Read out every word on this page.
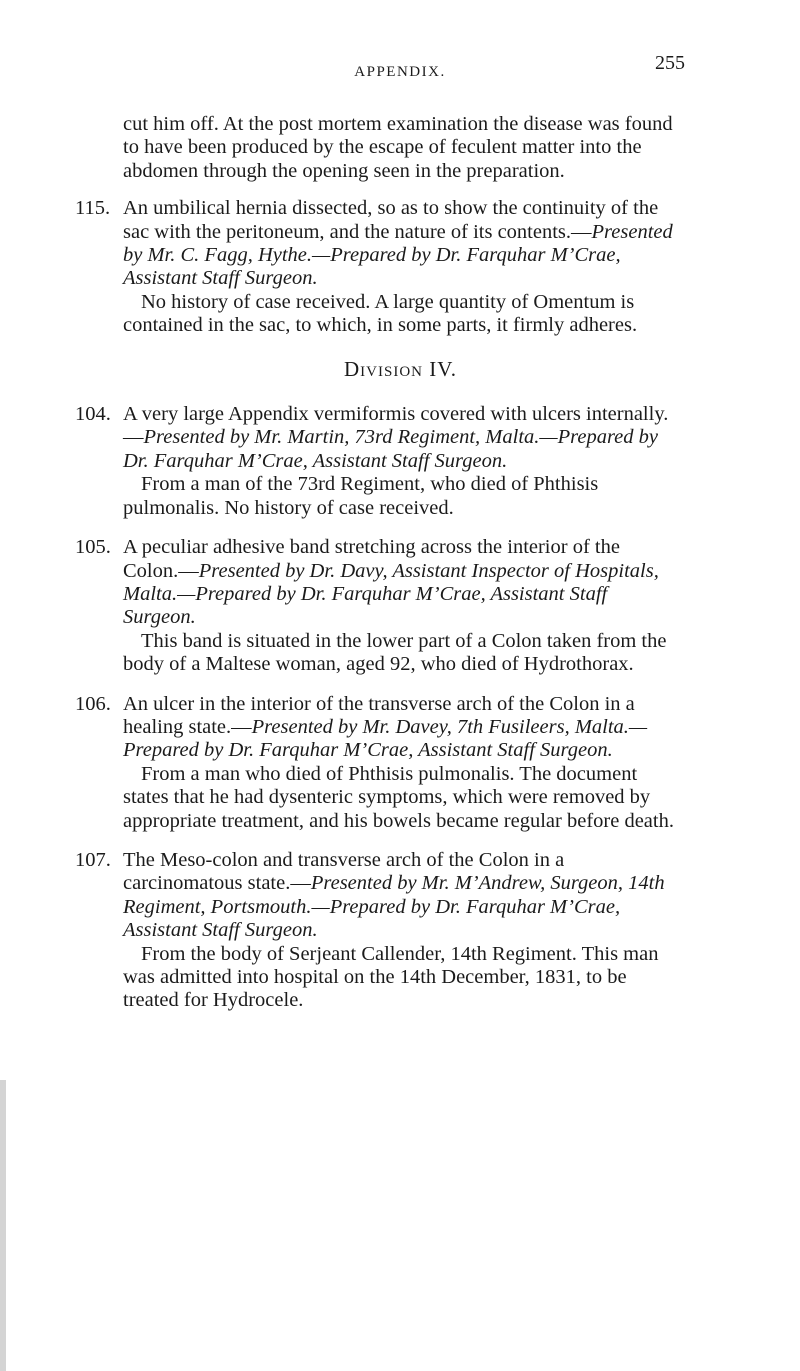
APPENDIX.	255

cut him off. At the post mortem examination the disease was found to have been produced by the escape of feculent matter into the abdomen through the opening seen in the preparation.

115. An umbilical hernia dissected, so as to show the continuity of the sac with the peritoneum, and the nature of its contents.—Presented by Mr. C. Fagg, Hythe.—Prepared by Dr. Farquhar M’Crae, Assistant Staff Surgeon.

No history of case received. A large quantity of Omentum is contained in the sac, to which, in some parts, it firmly adheres.

Division IV.
104. A very large Appendix vermiformis covered with ulcers internally.—Presented by Mr. Martin, 73rd Regiment, Malta.—Prepared by Dr. Farquhar M’Crae, Assistant Staff Surgeon.

From a man of the 73rd Regiment, who died of Phthisis pulmonalis. No history of case received.

105. A peculiar adhesive band stretching across the interior of the Colon.—Presented by Dr. Davy, Assistant Inspector of Hospitals, Malta.—Prepared by Dr. Farquhar M’Crae, Assistant Staff Surgeon.

This band is situated in the lower part of a Colon taken from the body of a Maltese woman, aged 92, who died of Hydrothorax.

106. An ulcer in the interior of the transverse arch of the Colon in a healing state.—Presented by Mr. Davey, 7th Fusileers, Malta.—Prepared by Dr. Farquhar M’Crae, Assistant Staff Surgeon.

From a man who died of Phthisis pulmonalis. The document states that he had dysenteric symptoms, which were removed by appropriate treatment, and his bowels became regular before death.

107. The Meso-colon and transverse arch of the Colon in a carcinomatous state.—Presented by Mr. M’Andrew, Surgeon, 14th Regiment, Portsmouth.—Prepared by Dr. Farquhar M’Crae, Assistant Staff Surgeon.

From the body of Serjeant Callender, 14th Regiment. This man was admitted into hospital on the 14th December, 1831, to be treated for Hydrocele.
